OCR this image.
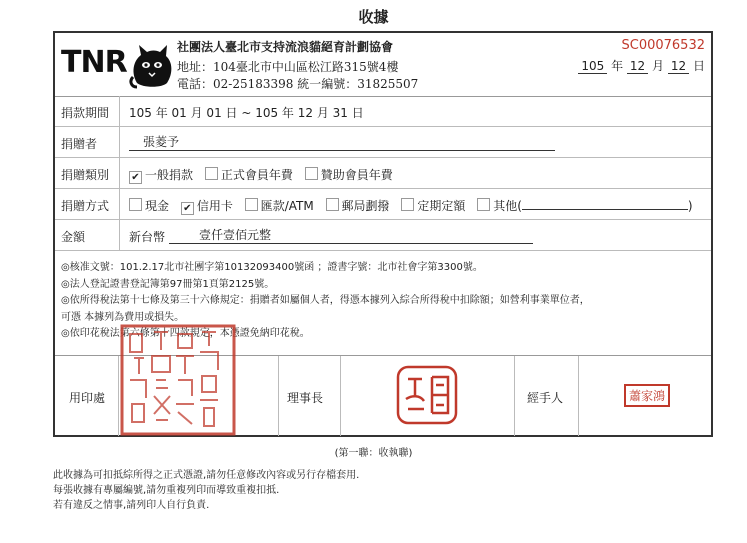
收據
TNR	社團法人臺北市支持流浪貓絕育計劃協會
地址：104臺北市中山區松江路315號4樓
電話：02-25183398 統一編號：31825507
SC00076532
105 年 12 月 12 日
捐款期間 105 年 01 月 01 日 ~ 105 年 12 月 31 日
捐贈者	張菱予
捐贈類別 ✔ 一般捐款 正式會員年費 贊助會員年費
捐贈方式	現金 ✔ 信用卡 匯款/ATM 郵局劃撥 定期定額 其他(	)
金額	新台幣	壹仟壹佰元整
◎核准文號：101.2.17北市社團字第10132093400號函 ；證書字號：北市社會字第3300號。
◎法人登記證書登記簿第97冊第1頁第2125號。
◎依所得稅法第十七條及第三十六條規定：捐贈者如屬個人者，得憑本據列入綜合所得稅中扣除額；如營利事業單位者，
可憑 本據列為費用或損失。
◎依印花稅法第六條第十四款規定，本憑證免納印花稅。
用印處	理事長	經手人	蕭家鴻
(第一聯：收執聯)
此收據為可扣抵綜所得之正式憑證,請勿任意修改內容或另行存檔套用.
每張收據有專屬編號,請勿重複列印而導致重複扣抵.
若有違反之情事,請列印人自行負責.
